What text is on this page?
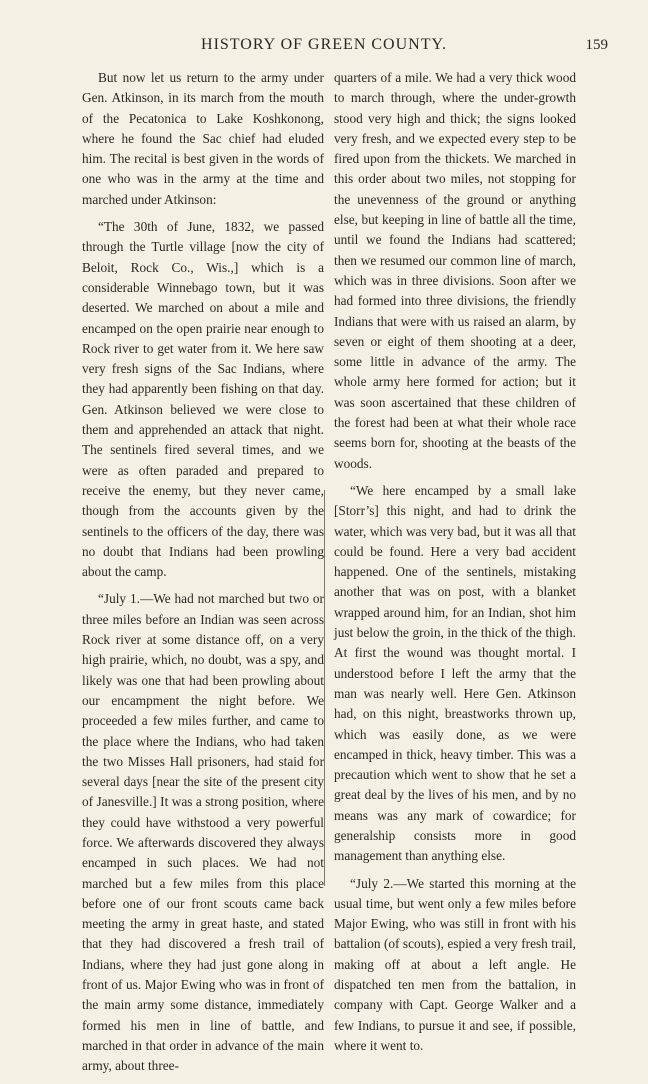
HISTORY OF GREEN COUNTY.	159

But now let us return to the army under Gen. Atkinson, in its march from the mouth of the Pecatonica to Lake Koshkonong, where he found the Sac chief had eluded him. The recital is best given in the words of one who was in the army at the time and marched under Atkinson:

“The 30th of June, 1832, we passed through the Turtle village [now the city of Beloit, Rock Co., Wis.,] which is a considerable Winnebago town, but it was deserted. We marched on about a mile and encamped on the open prairie near enough to Rock river to get water from it. We here saw very fresh signs of the Sac Indians, where they had apparently been fishing on that day. Gen. Atkinson believed we were close to them and apprehended an attack that night. The sentinels fired several times, and we were as often paraded and prepared to receive the enemy, but they never came, though from the accounts given by the sentinels to the officers of the day, there was no doubt that Indians had been prowling about the camp.

“July 1.—We had not marched but two or three miles before an Indian was seen across Rock river at some distance off, on a very high prairie, which, no doubt, was a spy, and likely was one that had been prowling about our encampment the night before. We proceeded a few miles further, and came to the place where the Indians, who had taken the two Misses Hall prisoners, had staid for several days [near the site of the present city of Janesville.] It was a strong position, where they could have withstood a very powerful force. We afterwards discovered they always encamped in such places. We had not marched but a few miles from this place before one of our front scouts came back meeting the army in great haste, and stated that they had discovered a fresh trail of Indians, where they had just gone along in front of us. Major Ewing who was in front of the main army some distance, immediately formed his men in line of battle, and marched in that order in advance of the main army, about three-

quarters of a mile. We had a very thick wood to march through, where the under-growth stood very high and thick; the signs looked very fresh, and we expected every step to be fired upon from the thickets. We marched in this order about two miles, not stopping for the unevenness of the ground or anything else, but keeping in line of battle all the time, until we found the Indians had scattered; then we resumed our common line of march, which was in three divisions. Soon after we had formed into three divisions, the friendly Indians that were with us raised an alarm, by seven or eight of them shooting at a deer, some little in advance of the army. The whole army here formed for action; but it was soon ascertained that these children of the forest had been at what their whole race seems born for, shooting at the beasts of the woods.

“We here encamped by a small lake [Storr’s] this night, and had to drink the water, which was very bad, but it was all that could be found. Here a very bad accident happened. One of the sentinels, mistaking another that was on post, with a blanket wrapped around him, for an Indian, shot him just below the groin, in the thick of the thigh. At first the wound was thought mortal. I understood before I left the army that the man was nearly well. Here Gen. Atkinson had, on this night, breastworks thrown up, which was easily done, as we were encamped in thick, heavy timber. This was a precaution which went to show that he set a great deal by the lives of his men, and by no means was any mark of cowardice; for generalship consists more in good management than anything else.

“July 2.—We started this morning at the usual time, but went only a few miles before Major Ewing, who was still in front with his battalion (of scouts), espied a very fresh trail, making off at about a left angle. He dispatched ten men from the battalion, in company with Capt. George Walker and a few Indians, to pursue it and see, if possible, where it went to.
